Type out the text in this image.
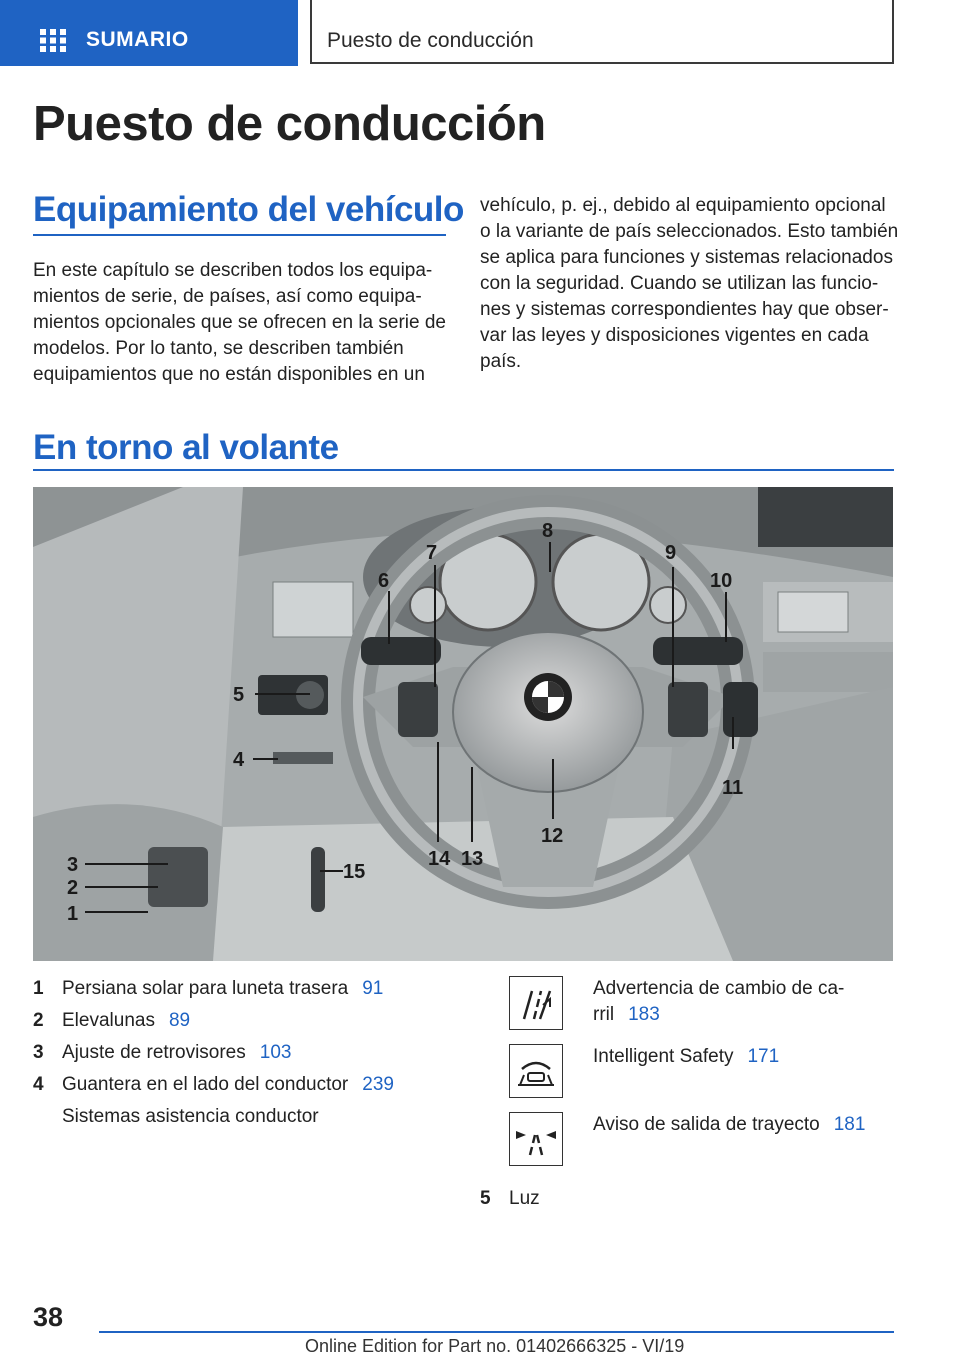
SUMARIO	Puesto de conducción
Puesto de conducción
Equipamiento del vehículo

En este capítulo se describen todos los equipa-
mientos de serie, de países, así como equipa-
mientos opcionales que se ofrecen en la serie de
modelos. Por lo tanto, se describen también
equipamientos que no están disponibles en un

vehículo, p. ej., debido al equipamiento opcional
o la variante de país seleccionados. Esto también
se aplica para funciones y sistemas relacionados
con la seguridad. Cuando se utilizan las funcio-
nes y sistemas correspondientes hay que obser-
var las leyes y disposiciones vigentes en cada
país.

En torno al volante
3
2
1
4
5
6
7
8
9
10
11
12
13
14
15
1 Persiana solar para luneta trasera 91
2 Elevalunas 89
3 Ajuste de retrovisores 103
4 Guantera en el lado del conductor 239
Sistemas asistencia conductor
Advertencia de cambio de ca-
rril 183
Intelligent Safety 171
Aviso de salida de trayecto 181
5 Luz
38
Online Edition for Part no. 01402666325 - VI/19
